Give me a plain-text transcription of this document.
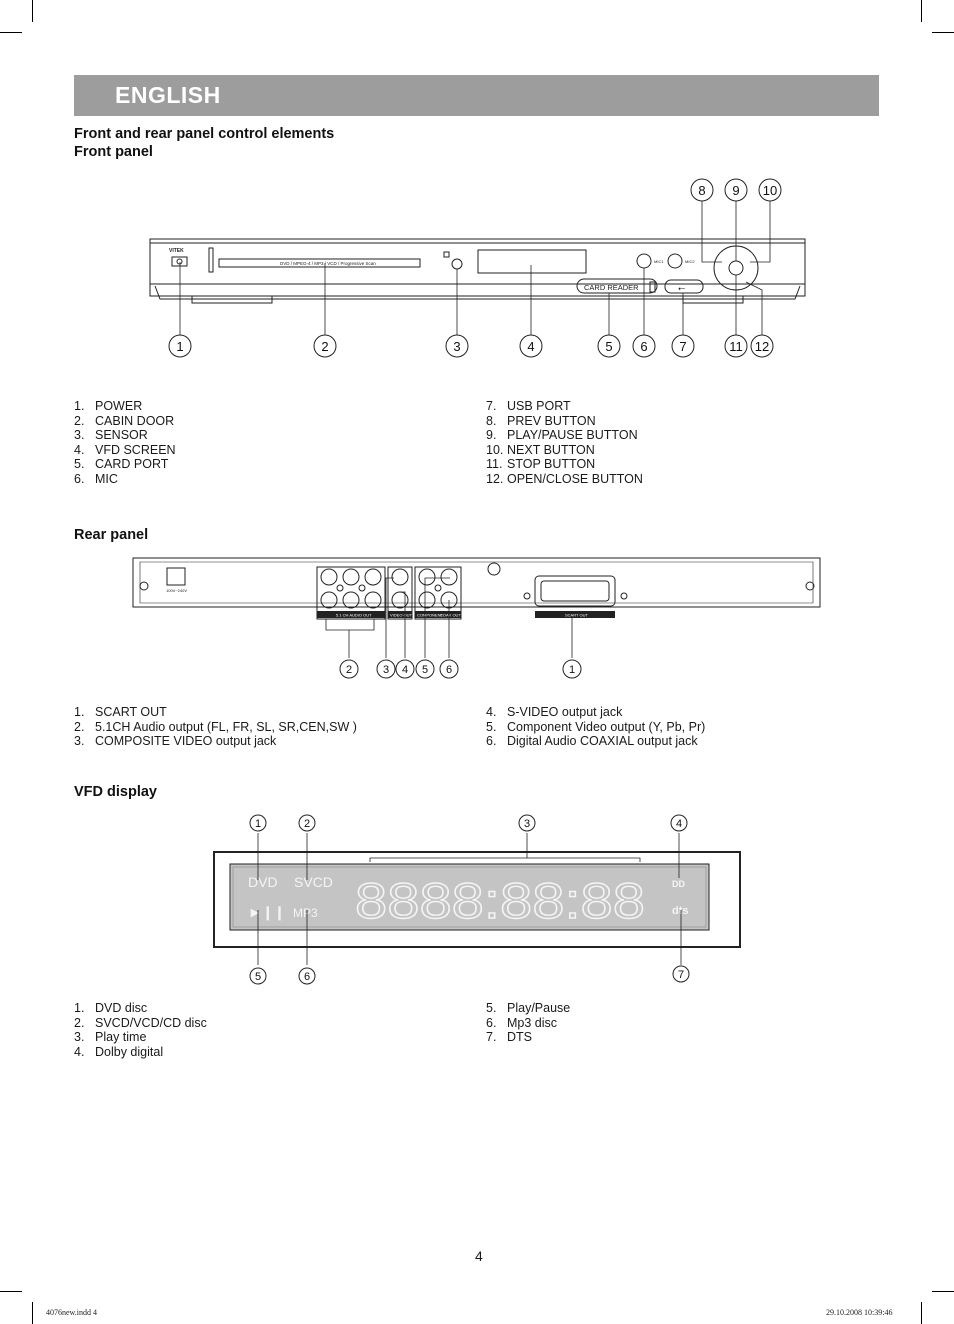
ENGLISH
Front and rear panel control elements
Front panel
VITEK
DVD / MPEG-4 / MP3 / VCD / Progressive Scan	MIC1	MIC2
CARD READER	⭠
1	2	3	4	5 6 7
8 9 10
11 12
1. POWER
2. CABIN DOOR
3. SENSOR
4. VFD SCREEN
5. CARD PORT
6. MIC
7. USB PORT
8. PREV BUTTON
9. PLAY/PAUSE BUTTON
10. NEXT BUTTON
11. STOP BUTTON
12. OPEN/CLOSE BUTTON
Rear panel
5.1 CH AUDIO OUT	VIDEO OUT COMPONENT
COAX OUT	SCART OUT
100V~240V
2	3 4 5 6	1
1. SCART OUT
2. 5.1CH Audio output (FL, FR, SL, SR,CEN,SW )
3. COMPOSITE VIDEO output jack
4. S-VIDEO output jack
5. Component Video output (Y, Pb, Pr)
6. Digital Audio COAXIAL output jack
VFD display
DVD SVCD
►❙❙ MP3
DD
dts
8888:88:88
1	2	3	4
5	6	7
1. DVD disc
2. SVCD/VCD/CD disc
3. Play time
4. Dolby digital
5. Play/Pause
6. Mp3 disc
7. DTS
4
4076new.indd 4	29.10.2008 10:39:46
